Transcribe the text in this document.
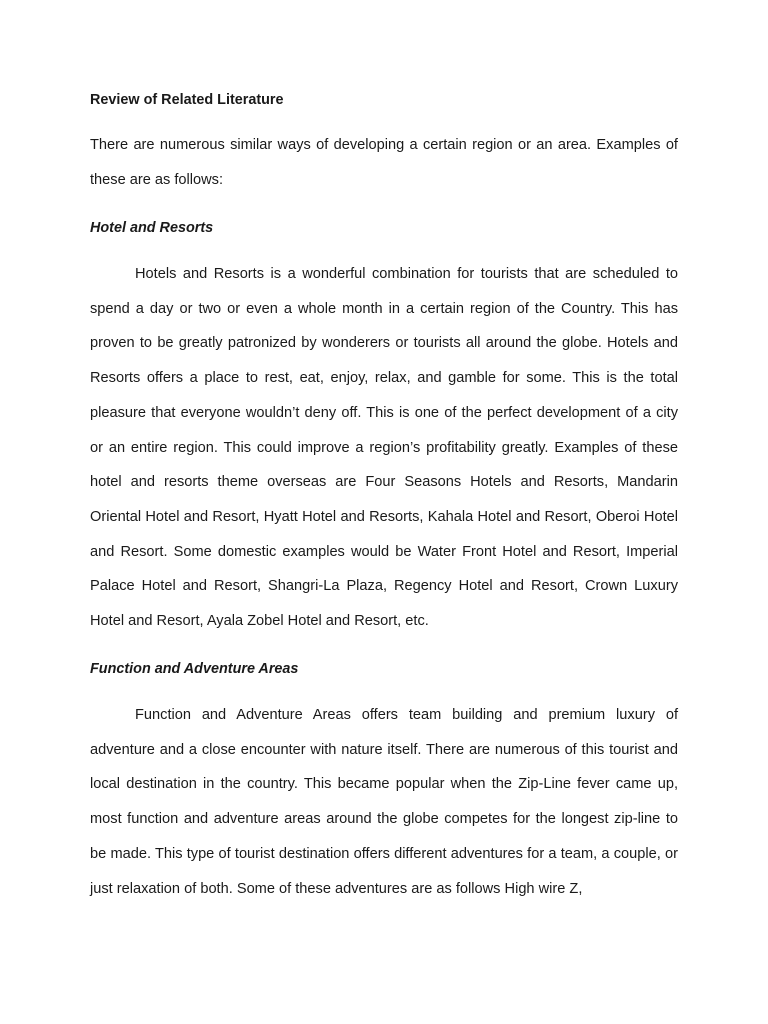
Review of Related Literature

There are numerous similar ways of developing a certain region or an area. Examples of these are as follows:

Hotel and Resorts

Hotels and Resorts is a wonderful combination for tourists that are scheduled to spend a day or two or even a whole month in a certain region of the Country. This has proven to be greatly patronized by wonderers or tourists all around the globe. Hotels and Resorts offers a place to rest, eat, enjoy, relax, and gamble for some. This is the total pleasure that everyone wouldn’t deny off. This is one of the perfect development of a city or an entire region. This could improve a region’s profitability greatly. Examples of these hotel and resorts theme overseas are Four Seasons Hotels and Resorts, Mandarin Oriental Hotel and Resort, Hyatt Hotel and Resorts, Kahala Hotel and Resort, Oberoi Hotel and Resort. Some domestic examples would be Water Front Hotel and Resort, Imperial Palace Hotel and Resort, Shangri-La Plaza, Regency Hotel and Resort, Crown Luxury Hotel and Resort, Ayala Zobel Hotel and Resort, etc.

Function and Adventure Areas

Function and Adventure Areas offers team building and premium luxury of adventure and a close encounter with nature itself. There are numerous of this tourist and local destination in the country. This became popular when the Zip-Line fever came up, most function and adventure areas around the globe competes for the longest zip-line to be made. This type of tourist destination offers different adventures for a team, a couple, or just relaxation of both. Some of these adventures are as follows High wire Z,
